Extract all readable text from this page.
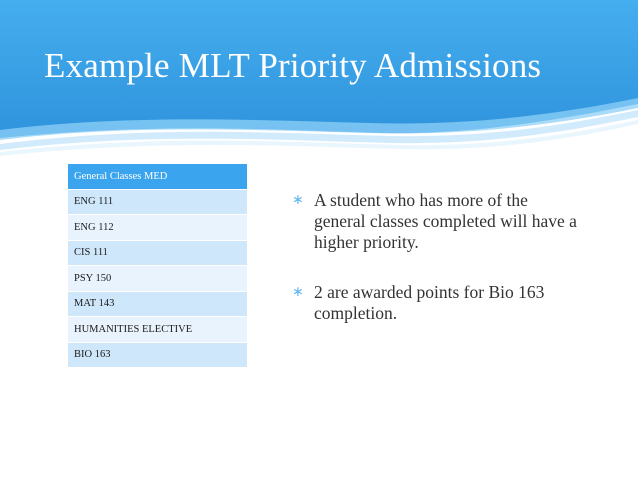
Example MLT Priority Admissions
General Classes MED
ENG 111
ENG 112
CIS 111
PSY 150
MAT 143
HUMANITIES ELECTIVE
BIO 163
∗ A student who has more of the general classes completed will have a higher priority.
∗ 2 are awarded points for Bio 163 completion.
